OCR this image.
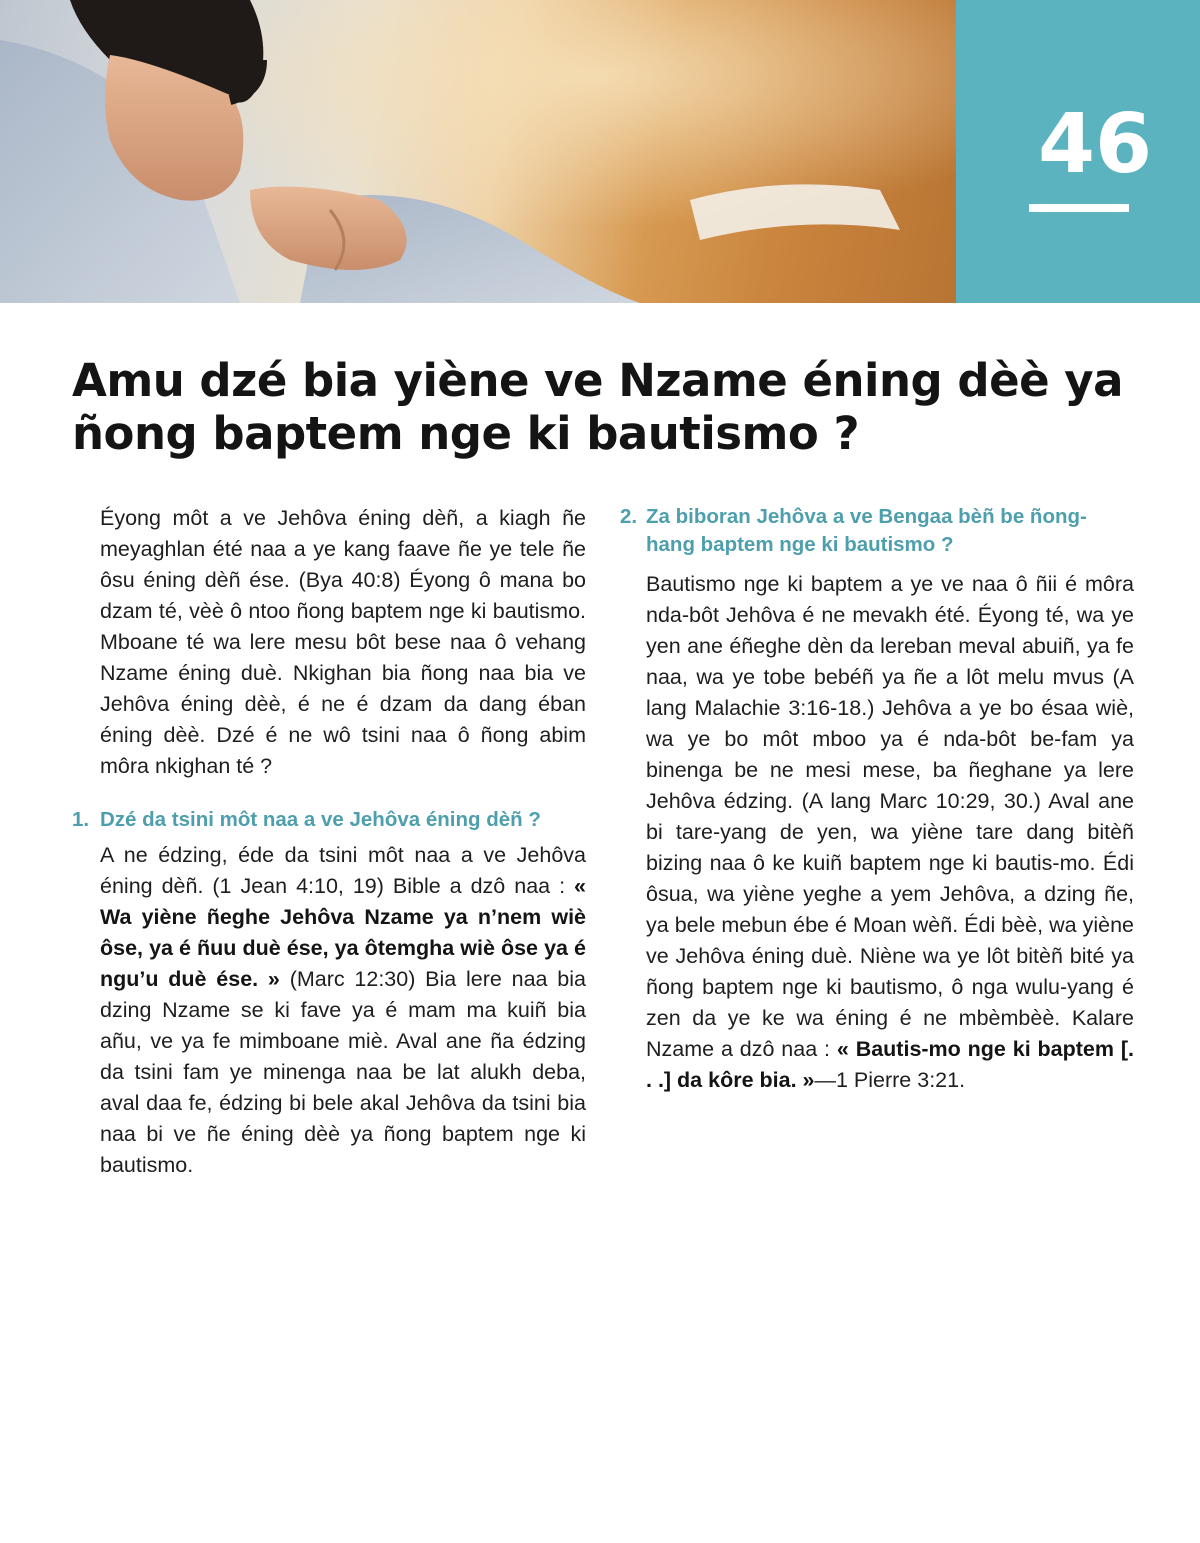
46
Amu dzé bia yiène ve Nzame éning dèè ya ñong baptem nge ki bautismo ?

Éyong môt a ve Jehôva éning dèñ, a kiagh ñe meyaghlan été naa a ye kang faave ñe ye tele ñe ôsu éning dèñ ése. (Bya 40:8) Éyong ô mana bo dzam té, vèè ô ntoo ñong baptem nge ki bautismo. Mboane té wa lere mesu bôt bese naa ô vehang Nzame éning duè. Nkighan bia ñong naa bia ve Jehôva éning dèè, é ne é dzam da dang éban éning dèè. Dzé é ne wô tsini naa ô ñong abim môra nkighan té ?

1. Dzé da tsini môt naa a ve Jehôva éning dèñ ?

A ne édzing, éde da tsini môt naa a ve Jehôva éning dèñ. (1 Jean 4:10, 19) Bible a dzô naa : « Wa yiène ñeghe Jehôva Nzame ya n’nem wiè ôse, ya é ñuu duè ése, ya ôtemgha wiè ôse ya é ngu’u duè ése. » (Marc 12:30) Bia lere naa bia dzing Nzame se ki fave ya é mam ma kuiñ bia añu, ve ya fe mimboane miè. Aval ane ña édzing da tsini fam ye minenga naa be lat alukh deba, aval daa fe, édzing bi bele akal Jehôva da tsini bia naa bi ve ñe éning dèè ya ñong baptem nge ki bautismo.

2. Za biboran Jehôva a ve Bengaa bèñ be ñong-hang baptem nge ki bautismo ?

Bautismo nge ki baptem a ye ve naa ô ñii é môra nda-bôt Jehôva é ne mevakh été. Éyong té, wa ye yen ane éñeghe dèn da lereban meval abuiñ, ya fe naa, wa ye tobe bebéñ ya ñe a lôt melu mvus (A lang Malachie 3:16-18.) Jehôva a ye bo ésaa wiè, wa ye bo môt mboo ya é nda-bôt be-fam ya binenga be ne mesi mese, ba ñeghane ya lere Jehôva édzing. (A lang Marc 10:29, 30.) Aval ane bi tare-yang de yen, wa yiène tare dang bitèñ bizing naa ô ke kuiñ baptem nge ki bautis-mo. Édi ôsua, wa yiène yeghe a yem Jehôva, a dzing ñe, ya bele mebun ébe é Moan wèñ. Édi bèè, wa yiène ve Jehôva éning duè. Niène wa ye lôt bitèñ bité ya ñong baptem nge ki bautismo, ô nga wulu-yang é zen da ye ke wa éning é ne mbèmbèè. Kalare Nzame a dzô naa : « Bautis-mo nge ki baptem [. . .] da kôre bia. »—1 Pierre 3:21.
